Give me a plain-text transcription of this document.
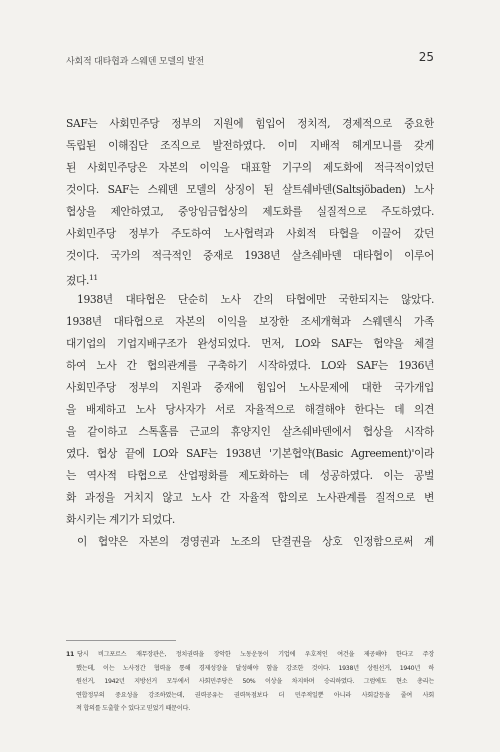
사회적 대타협과 스웨덴 모델의 발전	25
SAF는 사회민주당 정부의 지원에 힘입어 정치적, 경제적으로 중요한
독립된 이해집단 조직으로 발전하였다. 이미 지배적 헤게모니를 갖게
된 사회민주당은 자본의 이익을 대표할 기구의 제도화에 적극적이었던
것이다. SAF는 스웨덴 모델의 상징이 된 살트쉐바덴(Saltsjöbaden) 노사
협상을 제안하였고, 중앙임금협상의 제도화를 실질적으로 주도하였다.
사회민주당 정부가 주도하여 노사협력과 사회적 타협을 이끌어 갔던
것이다. 국가의 적극적인 중재로 1938년 살츠쉐바덴 대타협이 이루어
졌다.$^{11}$
1938년 대타협은 단순히 노사 간의 타협에만 국한되지는 않았다.
1938년 대타협으로 자본의 이익을 보장한 조세개혁과 스웨덴식 가족
대기업의 기업지배구조가 완성되었다. 먼저, LO와 SAF는 협약을 체결
하여 노사 간 협의관계를 구축하기 시작하였다. LO와 SAF는 1936년
사회민주당 정부의 지원과 중재에 힘입어 노사문제에 대한 국가개입
을 배제하고 노사 당사자가 서로 자율적으로 해결해야 한다는 데 의견
을 같이하고 스톡홀름 근교의 휴양지인 살츠쉐바덴에서 협상을 시작하
였다. 협상 끝에 LO와 SAF는 1938년 '기본협약(Basic Agreement)'이라
는 역사적 타협으로 산업평화를 제도화하는 데 성공하였다. 이는 공벌
화 과정을 거치지 않고 노사 간 자율적 합의로 노사관계를 질적으로 변
화시키는 계기가 되었다.
이 협약은 자본의 경영권과 노조의 단결권을 상호 인정함으로써 계
11 당시 비그포르스 재무장관은, 정치권력을 장악한 노동운동이 기업에 우호적인 여건을 제공해야 한다고 주장
했는데, 이는 노사정간 협력을 통해 경제성장을 달성해야 함을 강조한 것이다. 1938년 상원선거, 1940년 하
원선거, 1942년 지방선거 모두에서 사회민주당은 50% 이상을 차지하며 승리하였다. 그럼에도 현소 총리는
연합정부의 중요성을 강조하였는데, 권력공유는 권력독점보다 더 민주적일뿐 아니라 사회갈등을 줄여 사회
적 합의를 도출할 수 있다고 믿었기 때문이다.
